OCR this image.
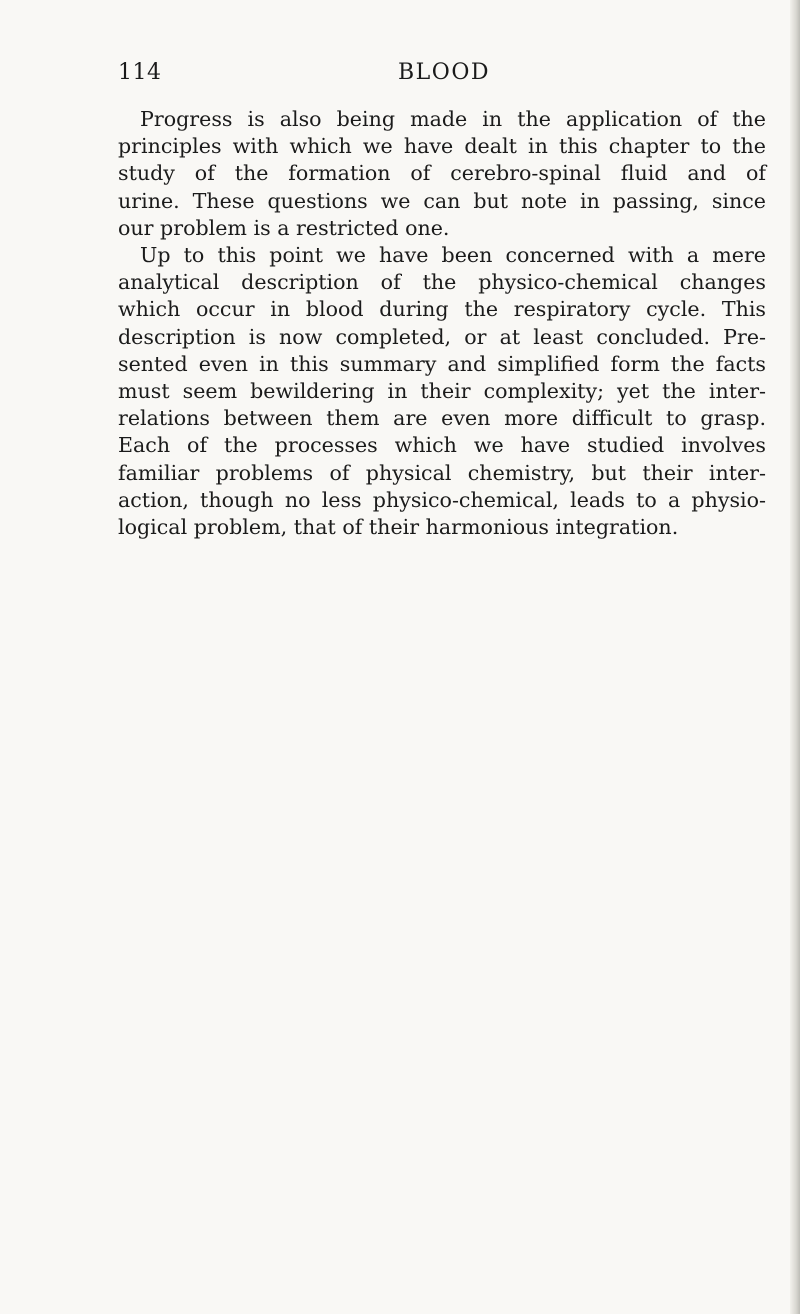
114	BLOOD
Progress is also being made in the application of the
principles with which we have dealt in this chapter to the
study of the formation of cerebro-spinal fluid and of
urine. These questions we can but note in passing, since
our problem is a restricted one.
Up to this point we have been concerned with a mere
analytical description of the physico-chemical changes
which occur in blood during the respiratory cycle. This
description is now completed, or at least concluded. Pre-
sented even in this summary and simplified form the facts
must seem bewildering in their complexity; yet the inter-
relations between them are even more difficult to grasp.
Each of the processes which we have studied involves
familiar problems of physical chemistry, but their inter-
action, though no less physico-chemical, leads to a physio-
logical problem, that of their harmonious integration.
